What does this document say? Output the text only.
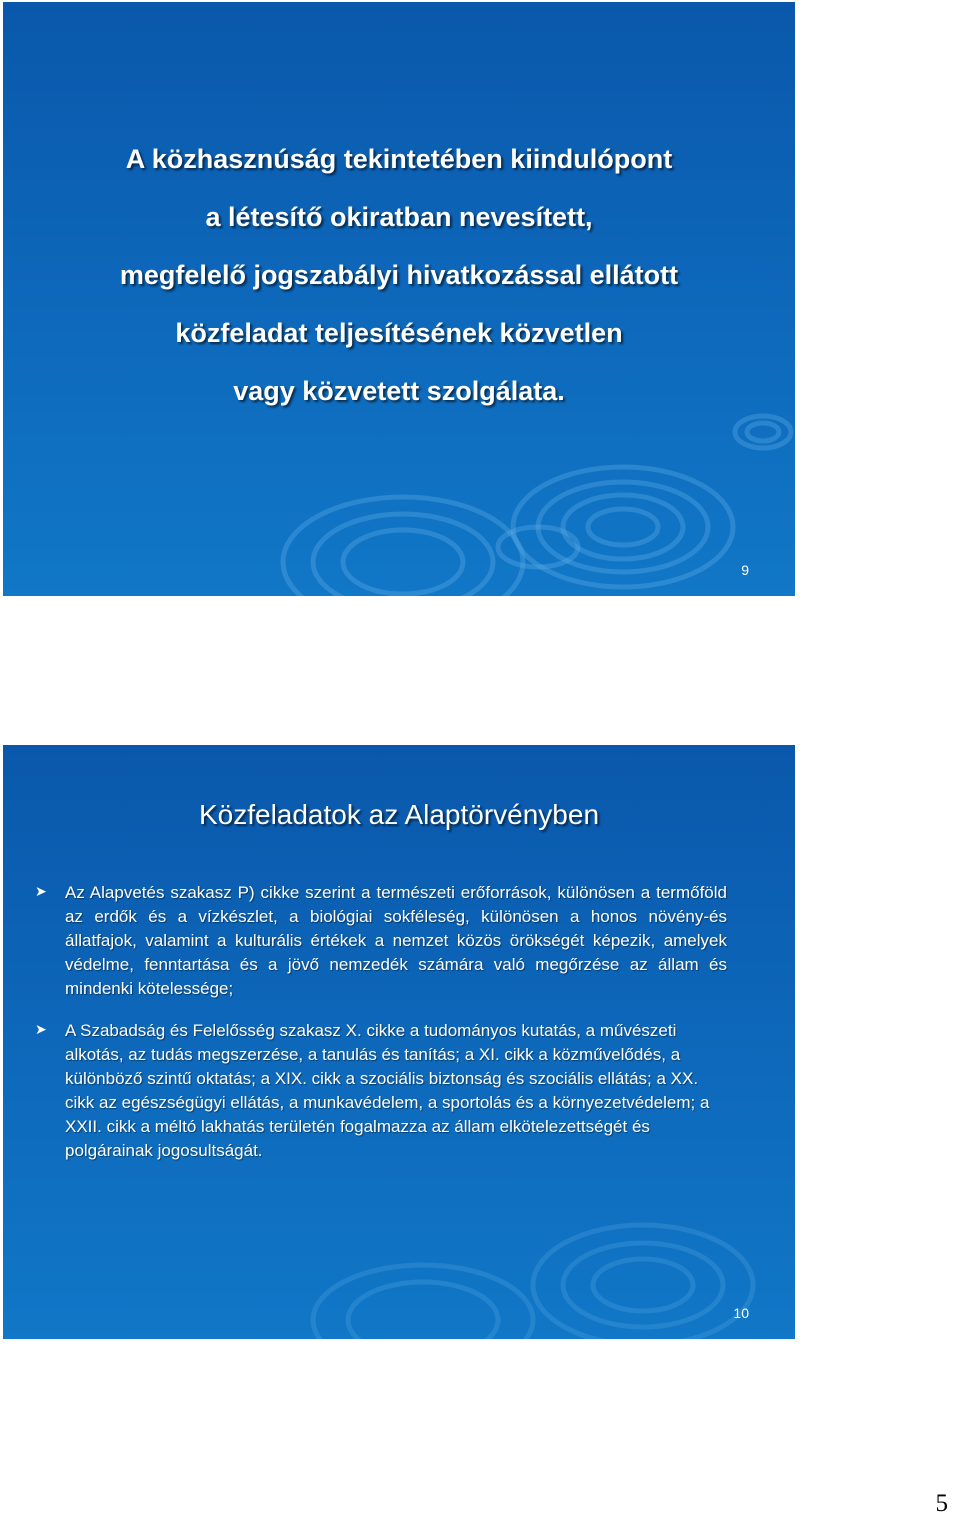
A közhasznúság tekintetében kiindulópont
a létesítő okiratban nevesített,
megfelelő jogszabályi hivatkozással ellátott
közfeladat teljesítésének közvetlen
vagy közvetett szolgálata.
9
Közfeladatok az Alaptörvényben
➤ Az Alapvetés szakasz P) cikke szerint a természeti erőforrások, különösen a termőföld az erdők és a vízkészlet, a biológiai sokféleség, különösen a honos növény-és állatfajok, valamint a kulturális értékek a nemzet közös örökségét képezik, amelyek védelme, fenntartása és a jövő nemzedék számára való megőrzése az állam és mindenki kötelessége;
➤ A Szabadság és Felelősség szakasz X. cikke a tudományos kutatás, a művészeti alkotás, az tudás megszerzése, a tanulás és tanítás; a XI. cikk a közművelődés, a különböző szintű oktatás; a XIX. cikk a szociális biztonság és szociális ellátás; a XX. cikk az egészségügyi ellátás, a munkavédelem, a sportolás és a környezetvédelem; a XXII. cikk a méltó lakhatás területén fogalmazza az állam elkötelezettségét és polgárainak jogosultságát.
10
5
